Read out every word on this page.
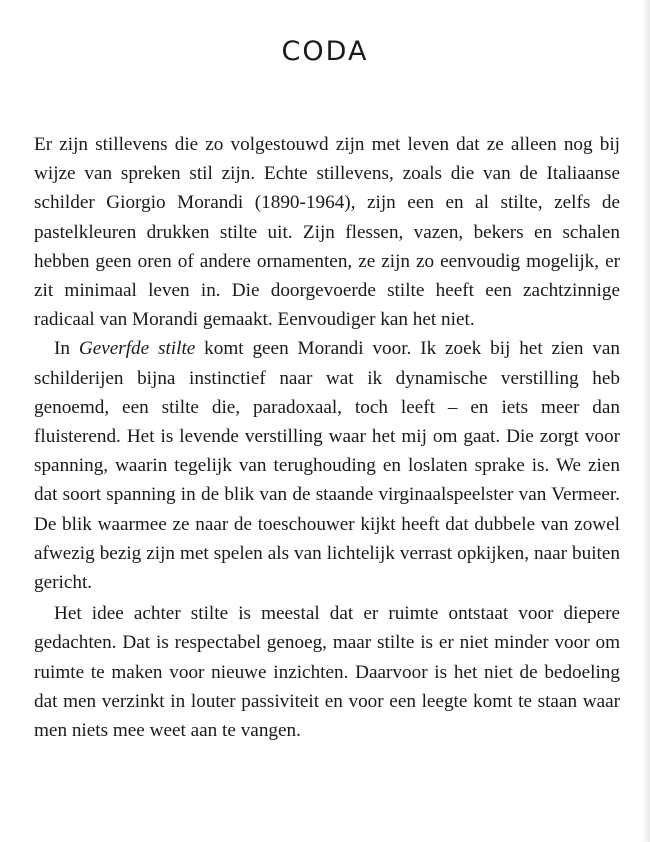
CODA

Er zijn stillevens die zo volgestouwd zijn met leven dat ze alleen nog bij wijze van spreken stil zijn. Echte stillevens, zoals die van de Italiaanse schilder Giorgio Morandi (1890-1964), zijn een en al stilte, zelfs de pastelkleuren drukken stilte uit. Zijn flessen, vazen, bekers en schalen hebben geen oren of andere ornamenten, ze zijn zo eenvoudig mogelijk, er zit minimaal leven in. Die doorgevoerde stilte heeft een zachtzinnige radicaal van Morandi gemaakt. Eenvoudiger kan het niet.

In Geverfde stilte komt geen Morandi voor. Ik zoek bij het zien van schilderijen bijna instinctief naar wat ik dynamische verstilling heb genoemd, een stilte die, paradoxaal, toch leeft – en iets meer dan fluisterend. Het is levende verstilling waar het mij om gaat. Die zorgt voor spanning, waarin tegelijk van terughouding en loslaten sprake is. We zien dat soort spanning in de blik van de staande virginaalspeelster van Vermeer. De blik waarmee ze naar de toeschouwer kijkt heeft dat dubbele van zowel afwezig bezig zijn met spelen als van lichtelijk verrast opkijken, naar buiten gericht.

Het idee achter stilte is meestal dat er ruimte ontstaat voor diepere gedachten. Dat is respectabel genoeg, maar stilte is er niet minder voor om ruimte te maken voor nieuwe inzichten. Daarvoor is het niet de bedoeling dat men verzinkt in louter passiviteit en voor een leegte komt te staan waar men niets mee weet aan te vangen.
